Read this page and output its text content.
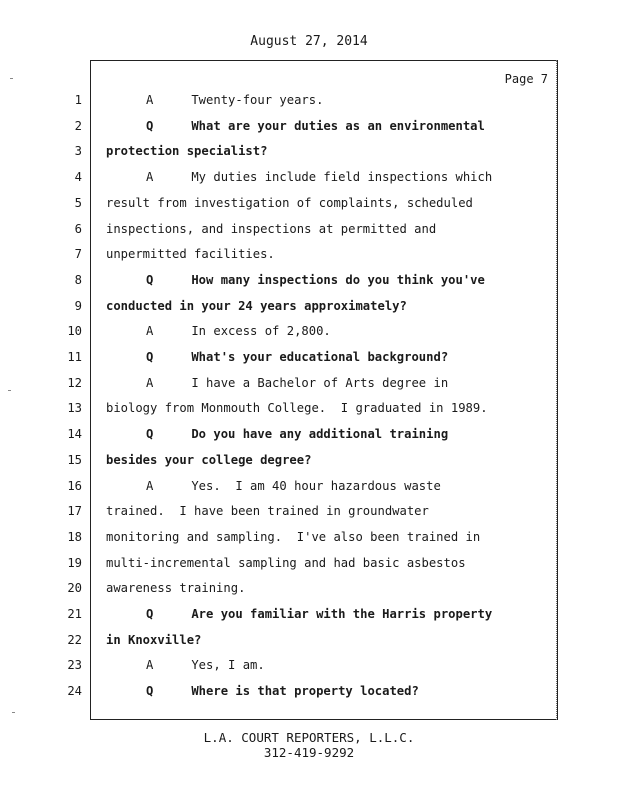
August 27, 2014
Page 7
1	A	Twenty-four years.
2	Q	What are your duties as an environmental
3 protection specialist?
4	A	My duties include field inspections which
5 result from investigation of complaints, scheduled
6 inspections, and inspections at permitted and
7 unpermitted facilities.
8	Q	How many inspections do you think you've
9 conducted in your 24 years approximately?
10	A	In excess of 2,800.
11	Q	What's your educational background?
12	A	I have a Bachelor of Arts degree in
13 biology from Monmouth College.  I graduated in 1989.
14	Q	Do you have any additional training
15 besides your college degree?
16	A	Yes.  I am 40 hour hazardous waste
17 trained.  I have been trained in groundwater
18 monitoring and sampling.  I've also been trained in
19 multi-incremental sampling and had basic asbestos
20 awareness training.
21	Q	Are you familiar with the Harris property
22 in Knoxville?
23	A	Yes, I am.
24	Q	Where is that property located?
L.A. COURT REPORTERS, L.L.C.
312-419-9292
